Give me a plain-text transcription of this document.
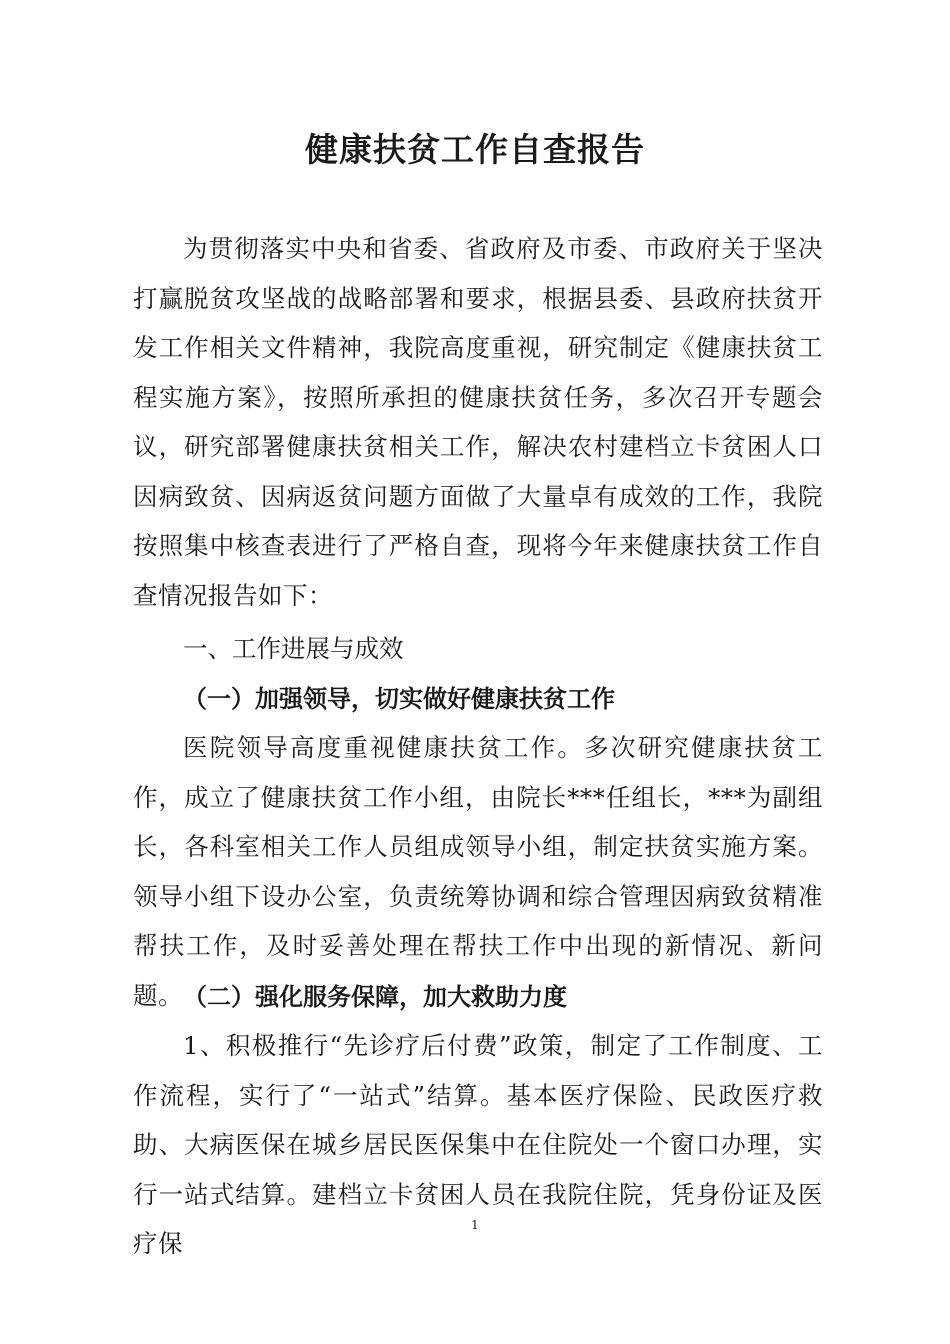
健康扶贫工作自查报告
为贯彻落实中央和省委、省政府及市委、市政府关于坚决打赢脱贫攻坚战的战略部署和要求，根据县委、县政府扶贫开发工作相关文件精神，我院高度重视，研究制定《健康扶贫工程实施方案》，按照所承担的健康扶贫任务，多次召开专题会议，研究部署健康扶贫相关工作，解决农村建档立卡贫困人口因病致贫、因病返贫问题方面做了大量卓有成效的工作，我院按照集中核查表进行了严格自查，现将今年来健康扶贫工作自查情况报告如下：
一、工作进展与成效
（一）加强领导，切实做好健康扶贫工作
医院领导高度重视健康扶贫工作。多次研究健康扶贫工作，成立了健康扶贫工作小组，由院长***任组长，***为副组长，各科室相关工作人员组成领导小组，制定扶贫实施方案。领导小组下设办公室，负责统筹协调和综合管理因病致贫精准帮扶工作，及时妥善处理在帮扶工作中出现的新情况、新问题。 （二）强化服务保障，加大救助力度
1、积极推行“先诊疗后付费”政策，制定了工作制度、工作流程，实行了“一站式”结算。基本医疗保险、民政医疗救助、大病医保在城乡居民医保集中在住院处一个窗口办理，实行一站式结算。建档立卡贫困人员在我院住院，凭身份证及医疗保
1
